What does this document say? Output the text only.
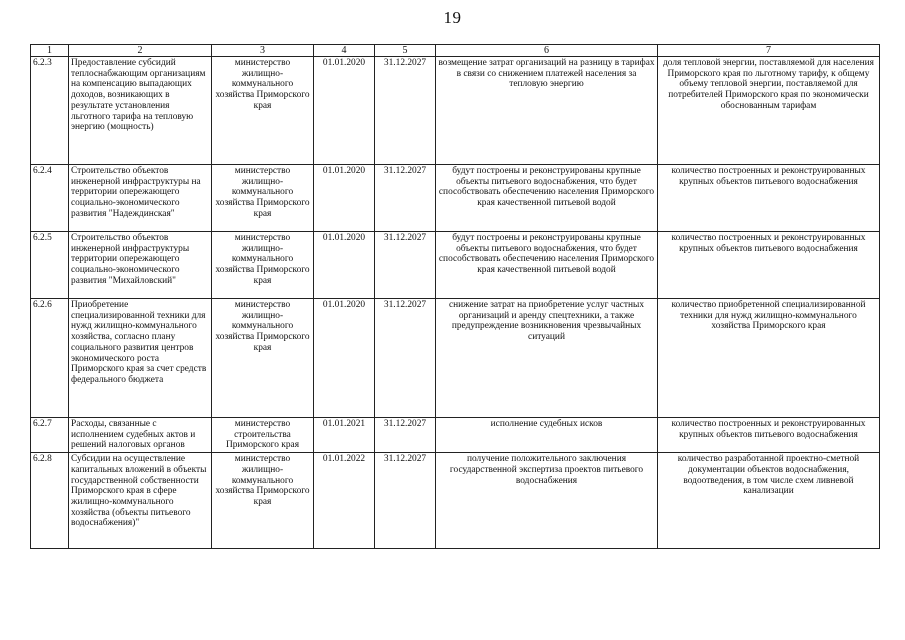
19
1	2	3	4	5	6	7
6.2.3	Предоставление субсидий теплоснабжающим организациям на компенсацию выпадающих доходов, возникающих в результате установления льготного тарифа на тепловую энергию (мощность)	министерство жилищно-коммунального хозяйства Приморского края	01.01.2020	31.12.2027	возмещение затрат организаций на разницу в тарифах в связи со снижением платежей населения за тепловую энергию	доля тепловой энергии, поставляемой для населения Приморского края по льготному тарифу, к общему объему тепловой энергии, поставляемой для потребителей Приморского края по экономически обоснованным тарифам
6.2.4	Строительство объектов инженерной инфраструктуры на территории опережающего социально-экономического развития "Надеждинская"	министерство жилищно-коммунального хозяйства Приморского края	01.01.2020	31.12.2027	будут построены и реконструированы крупные объекты питьевого водоснабжения, что будет способствовать обеспечению населения Приморского края качественной питьевой водой	количество построенных и реконструированных крупных объектов питьевого водоснабжения
6.2.5	Строительство объектов инженерной инфраструктуры территории опережающего социально-экономического развития "Михайловский"	министерство жилищно-коммунального хозяйства Приморского края	01.01.2020	31.12.2027	будут построены и реконструированы крупные объекты питьевого водоснабжения, что будет способствовать обеспечению населения Приморского края качественной питьевой водой	количество построенных и реконструированных крупных объектов питьевого водоснабжения
6.2.6	Приобретение специализированной техники для нужд жилищно-коммунального хозяйства, согласно плану социального развития центров экономического роста Приморского края за счет средств федерального бюджета	министерство жилищно-коммунального хозяйства Приморского края	01.01.2020	31.12.2027	снижение затрат на приобретение услуг частных организаций и аренду спецтехники, а также предупреждение возникновения чрезвычайных ситуаций	количество приобретенной специализированной техники для нужд жилищно-коммунального хозяйства Приморского края
6.2.7	Расходы, связанные с исполнением судебных актов и решений налоговых органов	министерство строительства Приморского края	01.01.2021	31.12.2027	исполнение судебных исков	количество построенных и реконструированных крупных объектов питьевого водоснабжения
6.2.8	Субсидии на осуществление капитальных вложений в объекты государственной собственности Приморского края в сфере жилищно-коммунального хозяйства (объекты питьевого водоснабжения)"	министерство жилищно-коммунального хозяйства Приморского края	01.01.2022	31.12.2027	получение положительного заключения государственной экспертиза проектов питьевого водоснабжения	количество разработанной проектно-сметной документации объектов водоснабжения, водоотведения, в том числе схем ливневой канализации
